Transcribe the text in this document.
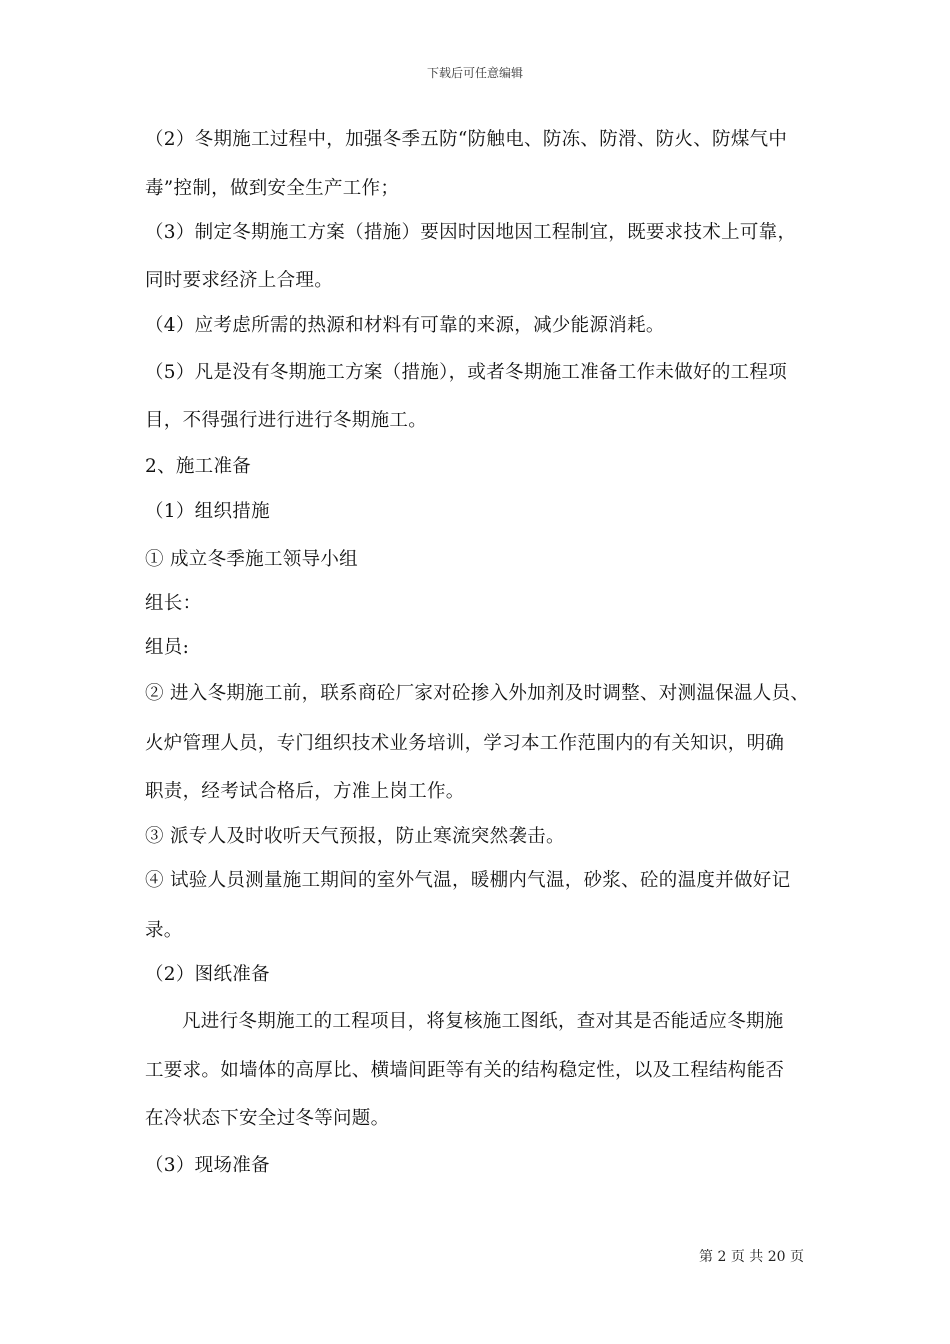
下载后可任意编辑
（2）冬期施工过程中，加强冬季五防“防触电、防冻、防滑、防火、防煤气中
毒”控制，做到安全生产工作；
（3）制定冬期施工方案（措施）要因时因地因工程制宜，既要求技术上可靠，
同时要求经济上合理。
（4）应考虑所需的热源和材料有可靠的来源，减少能源消耗。
（5）凡是没有冬期施工方案（措施），或者冬期施工准备工作未做好的工程项
目，不得强行进行进行冬期施工。
2、施工准备
（1）组织措施
① 成立冬季施工领导小组
组长：
组员:
② 进入冬期施工前，联系商砼厂家对砼掺入外加剂及时调整、对测温保温人员、
火炉管理人员，专门组织技术业务培训，学习本工作范围内的有关知识，明确
职责，经考试合格后，方准上岗工作。
③ 派专人及时收听天气预报，防止寒流突然袭击。
④ 试验人员测量施工期间的室外气温，暖棚内气温，砂浆、砼的温度并做好记
录。
（2）图纸准备
凡进行冬期施工的工程项目，将复核施工图纸，查对其是否能适应冬期施
工要求。如墙体的高厚比、横墙间距等有关的结构稳定性，以及工程结构能否
在冷状态下安全过冬等问题。
（3）现场准备
第 2 页 共 20 页
